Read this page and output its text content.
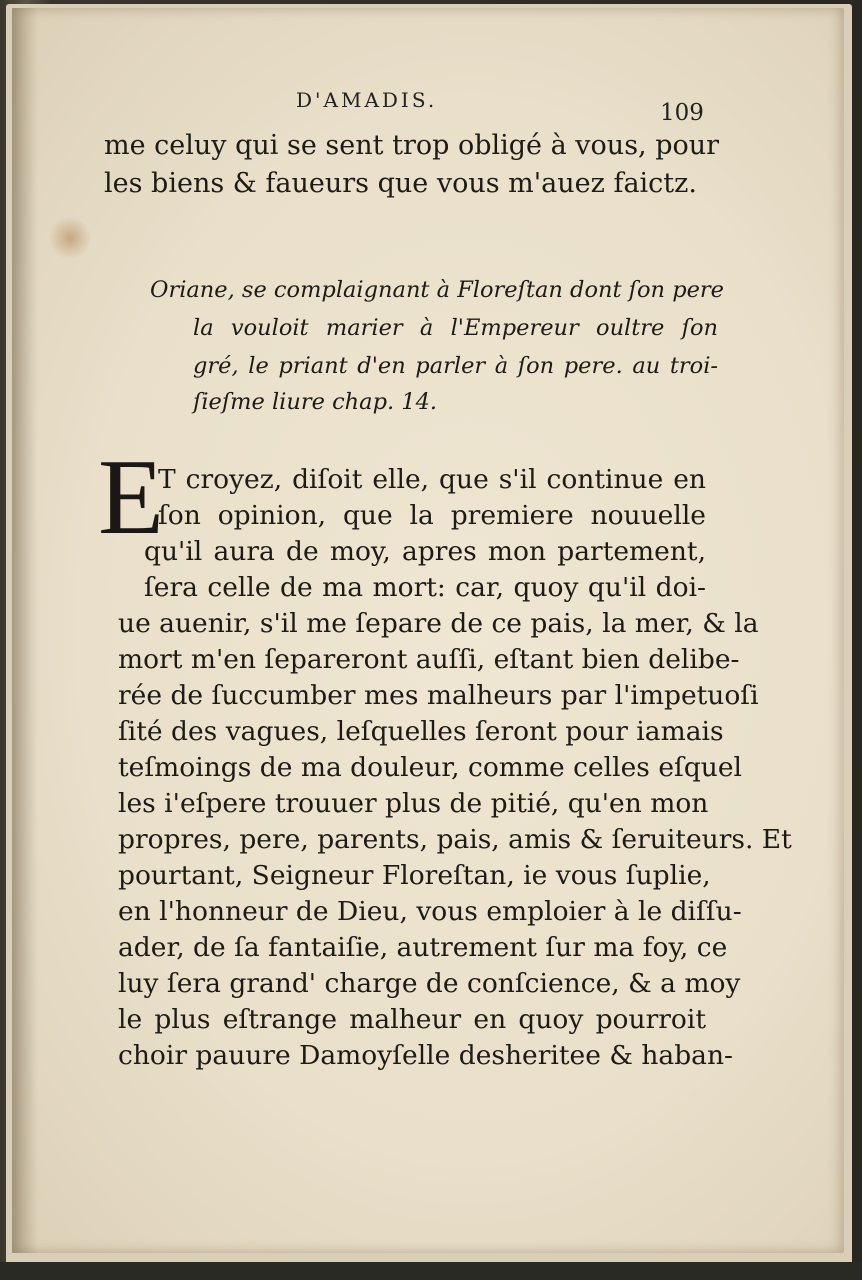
D'AMADIS.	109
me celuy qui se sent trop obligé à vous, pour
les biens & faueurs que vous m'auez faictz.
Oriane, se complaignant à Floreſtan dont ſon pere
la vouloit marier à l'Empereur oultre ſon
gré, le priant d'en parler à ſon pere. au troi-
ſieſme liure chap. 14.
E
T croyez, diſoit elle, que s'il continue en
ſon opinion, que la premiere nouuelle
qu'il aura de moy, apres mon partement,
ſera celle de ma mort: car, quoy qu'il doi-
ue auenir, s'il me ſepare de ce pais, la mer, & la
mort m'en ſepareront auſſi, eſtant bien delibe-
rée de ſuccumber mes malheurs par l'impetuoſi
ſité des vagues, leſquelles ſeront pour iamais
teſmoings de ma douleur, comme celles eſquel
les i'eſpere trouuer plus de pitié, qu'en mon
propres, pere, parents, pais, amis & ſeruiteurs. Et
pourtant, Seigneur Floreſtan, ie vous ſuplie,
en l'honneur de Dieu, vous emploier à le diſſu-
ader, de ſa fantaiſie, autrement ſur ma foy, ce
luy ſera grand' charge de conſcience, & a moy
le plus eſtrange malheur en quoy pourroit
choir pauure Damoyſelle desheritee & haban-
